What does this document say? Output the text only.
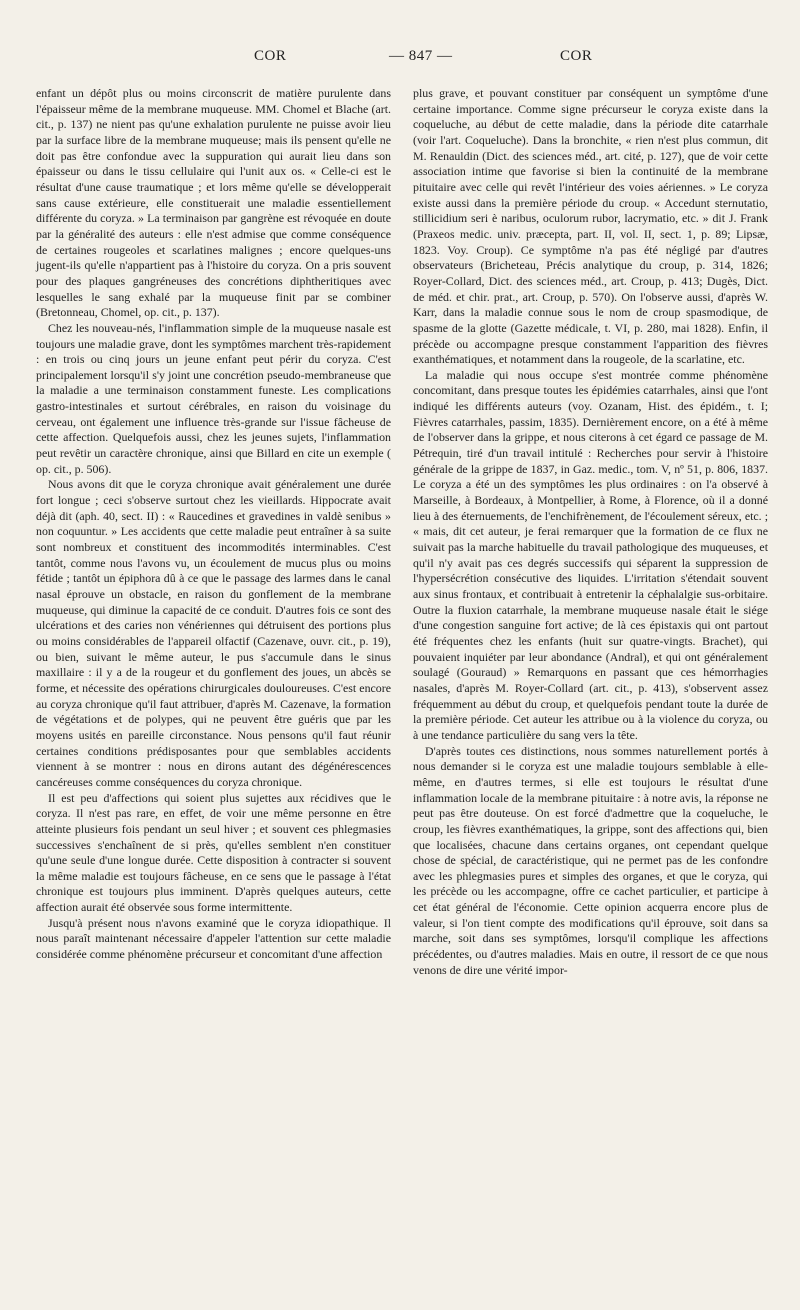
COR	— 847 —	COR

enfant un dépôt plus ou moins circonscrit de matière purulente dans l'épaisseur même de la membrane muqueuse. MM. Chomel et Blache (art. cit., p. 137) ne nient pas qu'une exhalation purulente ne puisse avoir lieu par la surface libre de la membrane muqueuse; mais ils pensent qu'elle ne doit pas être confondue avec la suppuration qui aurait lieu dans son épaisseur ou dans le tissu cellulaire qui l'unit aux os. « Celle-ci est le résultat d'une cause traumatique ; et lors même qu'elle se développerait sans cause extérieure, elle constituerait une maladie essentiellement différente du coryza. » La terminaison par gangrène est révoquée en doute par la généralité des auteurs : elle n'est admise que comme conséquence de certaines rougeoles et scarlatines malignes ; encore quelques-uns jugent-ils qu'elle n'appartient pas à l'histoire du coryza. On a pris souvent pour des plaques gangréneuses des concrétions diphtheritiques avec lesquelles le sang exhalé par la muqueuse finit par se combiner (Bretonneau, Chomel, op. cit., p. 137).

Chez les nouveau-nés, l'inflammation simple de la muqueuse nasale est toujours une maladie grave, dont les symptômes marchent très-rapidement : en trois ou cinq jours un jeune enfant peut périr du coryza. C'est principalement lorsqu'il s'y joint une concrétion pseudo-membraneuse que la maladie a une terminaison constamment funeste. Les complications gastro-intestinales et surtout cérébrales, en raison du voisinage du cerveau, ont également une influence très-grande sur l'issue fâcheuse de cette affection. Quelquefois aussi, chez les jeunes sujets, l'inflammation peut revêtir un caractère chronique, ainsi que Billard en cite un exemple ( op. cit., p. 506).

Nous avons dit que le coryza chronique avait généralement une durée fort longue ; ceci s'observe surtout chez les vieillards. Hippocrate avait déjà dit (aph. 40, sect. II) : « Raucedines et gravedines in valdè senibus » non coquuntur. » Les accidents que cette maladie peut entraîner à sa suite sont nombreux et constituent des incommodités interminables. C'est tantôt, comme nous l'avons vu, un écoulement de mucus plus ou moins fétide ; tantôt un épiphora dû à ce que le passage des larmes dans le canal nasal éprouve un obstacle, en raison du gonflement de la membrane muqueuse, qui diminue la capacité de ce conduit. D'autres fois ce sont des ulcérations et des caries non vénériennes qui détruisent des portions plus ou moins considérables de l'appareil olfactif (Cazenave, ouvr. cit., p. 19), ou bien, suivant le même auteur, le pus s'accumule dans le sinus maxillaire : il y a de la rougeur et du gonflement des joues, un abcès se forme, et nécessite des opérations chirurgicales douloureuses. C'est encore au coryza chronique qu'il faut attribuer, d'après M. Cazenave, la formation de végétations et de polypes, qui ne peuvent être guéris que par les moyens usités en pareille circonstance. Nous pensons qu'il faut réunir certaines conditions prédisposantes pour que semblables accidents viennent à se montrer : nous en dirons autant des dégénérescences cancéreuses comme conséquences du coryza chronique.

Il est peu d'affections qui soient plus sujettes aux récidives que le coryza. Il n'est pas rare, en effet, de voir une même personne en être atteinte plusieurs fois pendant un seul hiver ; et souvent ces phlegmasies successives s'enchaînent de si près, qu'elles semblent n'en constituer qu'une seule d'une longue durée. Cette disposition à contracter si souvent la même maladie est toujours fâcheuse, en ce sens que le passage à l'état chronique est toujours plus imminent. D'après quelques auteurs, cette affection aurait été observée sous forme intermittente.

Jusqu'à présent nous n'avons examiné que le coryza idiopathique. Il nous paraît maintenant nécessaire d'appeler l'attention sur cette maladie considérée comme phénomène précurseur et concomitant d'une affection

plus grave, et pouvant constituer par conséquent un symptôme d'une certaine importance. Comme signe précurseur le coryza existe dans la coqueluche, au début de cette maladie, dans la période dite catarrhale (voir l'art. Coqueluche). Dans la bronchite, « rien n'est plus commun, dit M. Renauldin (Dict. des sciences méd., art. cité, p. 127), que de voir cette association intime que favorise si bien la continuité de la membrane pituitaire avec celle qui revêt l'intérieur des voies aériennes. » Le coryza existe aussi dans la première période du croup. « Accedunt sternutatio, stillicidium seri è naribus, oculorum rubor, lacrymatio, etc. » dit J. Frank (Praxeos medic. univ. præcepta, part. II, vol. II, sect. 1, p. 89; Lipsæ, 1823. Voy. Croup). Ce symptôme n'a pas été négligé par d'autres observateurs (Bricheteau, Précis analytique du croup, p. 314, 1826; Royer-Collard, Dict. des sciences méd., art. Croup, p. 413; Dugès, Dict. de méd. et chir. prat., art. Croup, p. 570). On l'observe aussi, d'après W. Karr, dans la maladie connue sous le nom de croup spasmodique, de spasme de la glotte (Gazette médicale, t. VI, p. 280, mai 1828). Enfin, il précède ou accompagne presque constamment l'apparition des fièvres exanthématiques, et notamment dans la rougeole, de la scarlatine, etc.

La maladie qui nous occupe s'est montrée comme phénomène concomitant, dans presque toutes les épidémies catarrhales, ainsi que l'ont indiqué les différents auteurs (voy. Ozanam, Hist. des épidém., t. I; Fièvres catarrhales, passim, 1835). Dernièrement encore, on a été à même de l'observer dans la grippe, et nous citerons à cet égard ce passage de M. Pétrequin, tiré d'un travail intitulé : Recherches pour servir à l'histoire générale de la grippe de 1837, in Gaz. medic., tom. V, nº 51, p. 806, 1837. Le coryza a été un des symptômes les plus ordinaires : on l'a observé à Marseille, à Bordeaux, à Montpellier, à Rome, à Florence, où il a donné lieu à des éternuements, de l'enchifrènement, de l'écoulement séreux, etc. ; « mais, dit cet auteur, je ferai remarquer que la formation de ce flux ne suivait pas la marche habituelle du travail pathologique des muqueuses, et qu'il n'y avait pas ces degrés successifs qui séparent la suppression de l'hypersécrétion consécutive des liquides. L'irritation s'étendait souvent aux sinus frontaux, et contribuait à entretenir la céphalalgie sus-orbitaire. Outre la fluxion catarrhale, la membrane muqueuse nasale était le siége d'une congestion sanguine fort active; de là ces épistaxis qui ont partout été fréquentes chez les enfants (huit sur quatre-vingts. Brachet), qui pouvaient inquiéter par leur abondance (Andral), et qui ont généralement soulagé (Gouraud) » Remarquons en passant que ces hémorrhagies nasales, d'après M. Royer-Collard (art. cit., p. 413), s'observent assez fréquemment au début du croup, et quelquefois pendant toute la durée de la première période. Cet auteur les attribue ou à la violence du coryza, ou à une tendance particulière du sang vers la tête.

D'après toutes ces distinctions, nous sommes naturellement portés à nous demander si le coryza est une maladie toujours semblable à elle-même, en d'autres termes, si elle est toujours le résultat d'une inflammation locale de la membrane pituitaire : à notre avis, la réponse ne peut pas être douteuse. On est forcé d'admettre que la coqueluche, le croup, les fièvres exanthématiques, la grippe, sont des affections qui, bien que localisées, chacune dans certains organes, ont cependant quelque chose de spécial, de caractéristique, qui ne permet pas de les confondre avec les phlegmasies pures et simples des organes, et que le coryza, qui les précède ou les accompagne, offre ce cachet particulier, et participe à cet état général de l'économie. Cette opinion acquerra encore plus de valeur, si l'on tient compte des modifications qu'il éprouve, soit dans sa marche, soit dans ses symptômes, lorsqu'il complique les affections précédentes, ou d'autres maladies. Mais en outre, il ressort de ce que nous venons de dire une vérité impor-
